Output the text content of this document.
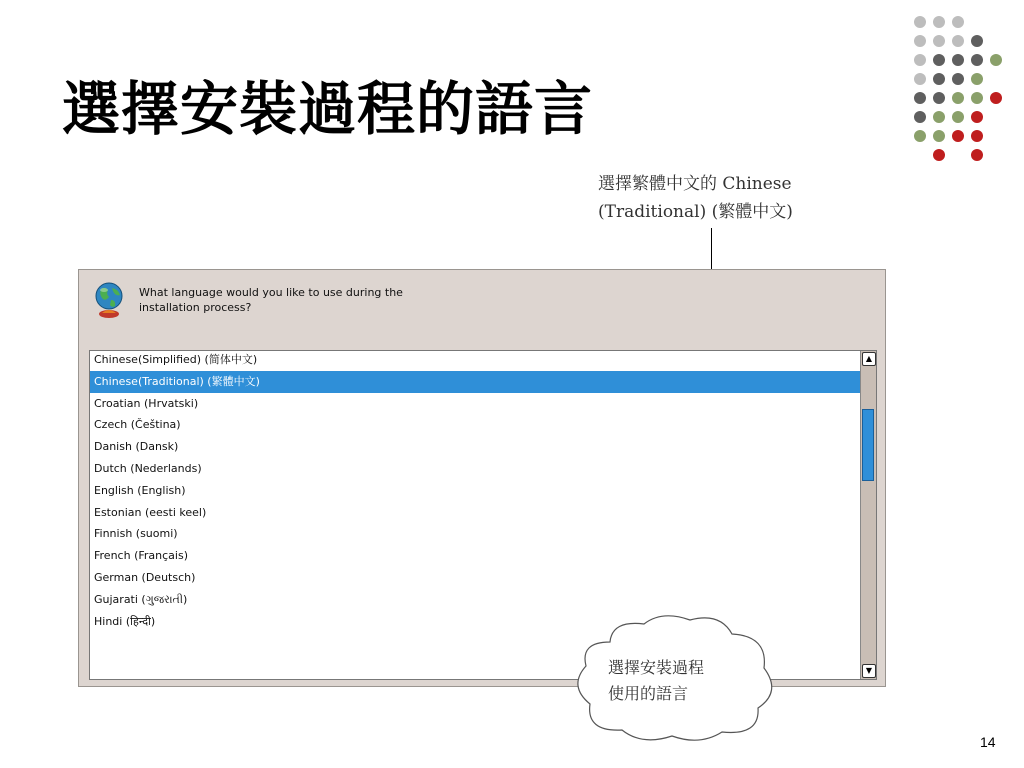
選擇安裝過程的語言
選擇繁體中文的 Chinese
(Traditional) (繁體中文)
What language would you like to use during the
installation process?
Chinese(Simplified) (简体中文)
Chinese(Traditional) (繁體中文)
Croatian (Hrvatski)
Czech (Čeština)
Danish (Dansk)
Dutch (Nederlands)
English (English)
Estonian (eesti keel)
Finnish (suomi)
French (Français)
German (Deutsch)
Gujarati (ગુજરાતી)
Hindi (हिन्दी)
▲
▼
選擇安裝過程
使用的語言
14
